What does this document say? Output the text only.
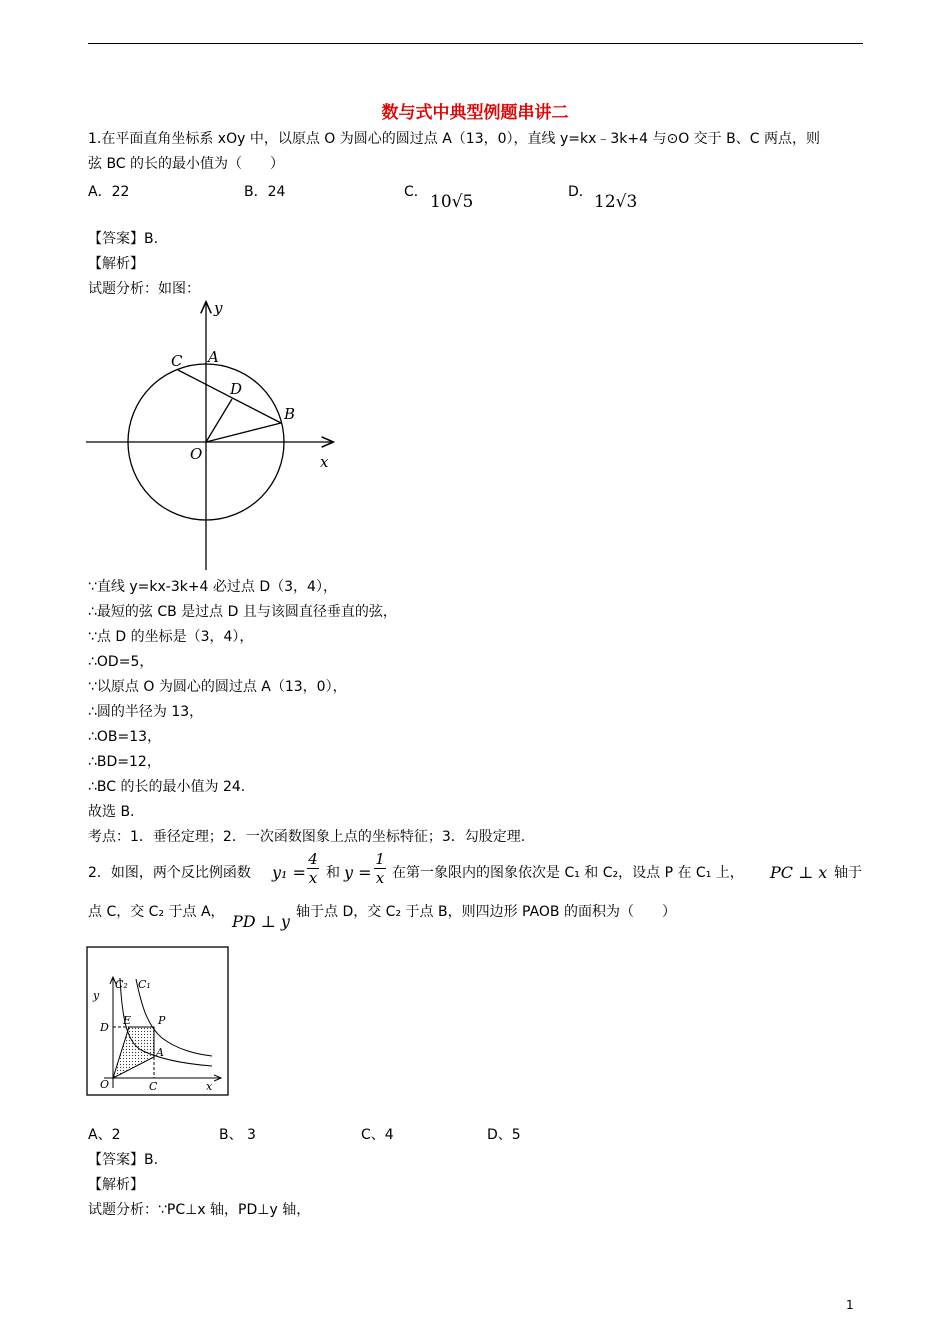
数与式中典型例题串讲二
1.在平面直角坐标系 xOy 中，以原点 O 为圆心的圆过点 A（13，0），直线 y=kx﹣3k+4 与⊙O 交于 B、C 两点，则
弦 BC 的长的最小值为（　　）
A．22	B．24	C． 10√5	D． 12√3
【答案】B.
【解析】
试题分析：如图：
y
x
O
A
C
D
B
∵直线 y=kx-3k+4 必过点 D（3，4），
∴最短的弦 CB 是过点 D 且与该圆直径垂直的弦，
∵点 D 的坐标是（3，4），
∴OD=5，
∵以原点 O 为圆心的圆过点 A（13，0），
∴圆的半径为 13，
∴OB=13，
∴BD=12，
∴BC 的长的最小值为 24.
故选 B.
考点：1．垂径定理；2．一次函数图象上点的坐标特征；3．勾股定理.
2．如图，两个反比例函数 y₁ =
4
x 和 y =
1
x 在第一象限内的图象依次是 C₁ 和 C₂，设点 P 在 C₁ 上， PC ⊥ x 轴于
点 C，交 C₂ 于点 A， PD ⊥ y 轴于点 D，交 C₂ 于点 B，则四边形 PAOB 的面积为（　　）
y
C₂ C₁
D
E P
A
O	C	x
A、2	B、 3	C、4	D、5
【答案】B.
【解析】
试题分析：∵PC⊥x 轴，PD⊥y 轴，
1
